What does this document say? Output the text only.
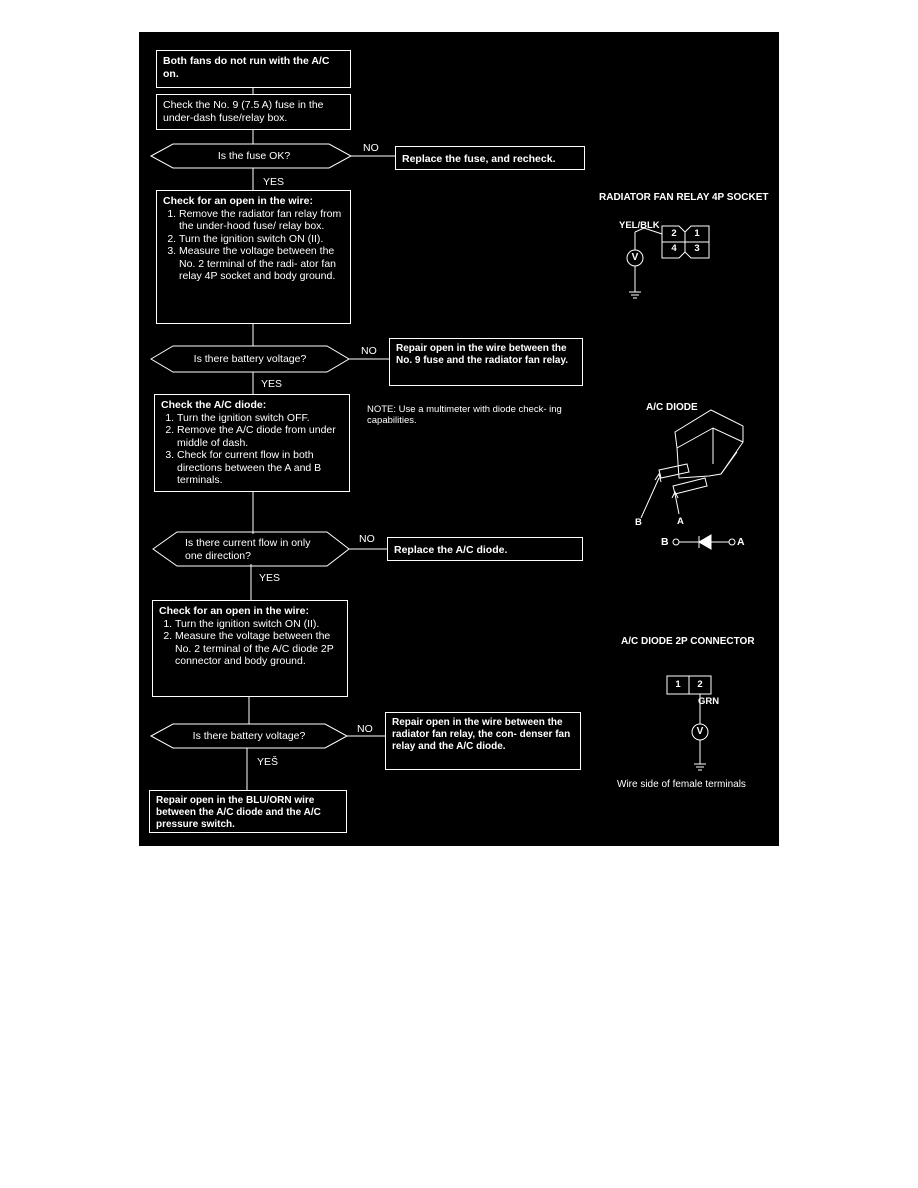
Both fans do not run with the A/C on.
Check the No. 9 (7.5 A) fuse in the under-dash fuse/relay box.
Is the fuse OK?
NO
YES
Replace the fuse, and recheck.
Check for an open in the wire:
1. Remove the radiator fan relay from the under-hood fuse/ relay box.
2. Turn the ignition switch ON (II).
3. Measure the voltage between the No. 2 terminal of the radi- ator fan relay 4P socket and body ground.
Is there battery voltage?
NO
YES
Repair open in the wire between the No. 9 fuse and the radiator fan relay.
Check the A/C diode:
1. Turn the ignition switch OFF.
2. Remove the A/C diode from under middle of dash.
3. Check for current flow in both directions between the A and B terminals.
NOTE: Use a multimeter with diode check- ing capabilities.
Is there current flow in only one direction?
NO
YES
Replace the A/C diode.
Check for an open in the wire:
1. Turn the ignition switch ON (II).
2. Measure the voltage between the No. 2 terminal of the A/C diode 2P connector and body ground.
Is there battery voltage?
NO
YEŠ
Repair open in the wire between the radiator fan relay, the con- denser fan relay and the A/C diode.
Repair open in the BLU/ORN wire between the A/C diode and the A/C pressure switch.
RADIATOR FAN RELAY 4P SOCKET
YEL/BLK
2	1
4	3
V
A/C DIODE
B	A
B	A
A/C DIODE 2P CONNECTOR
1	2
GRN
V
Wire side of female terminals
